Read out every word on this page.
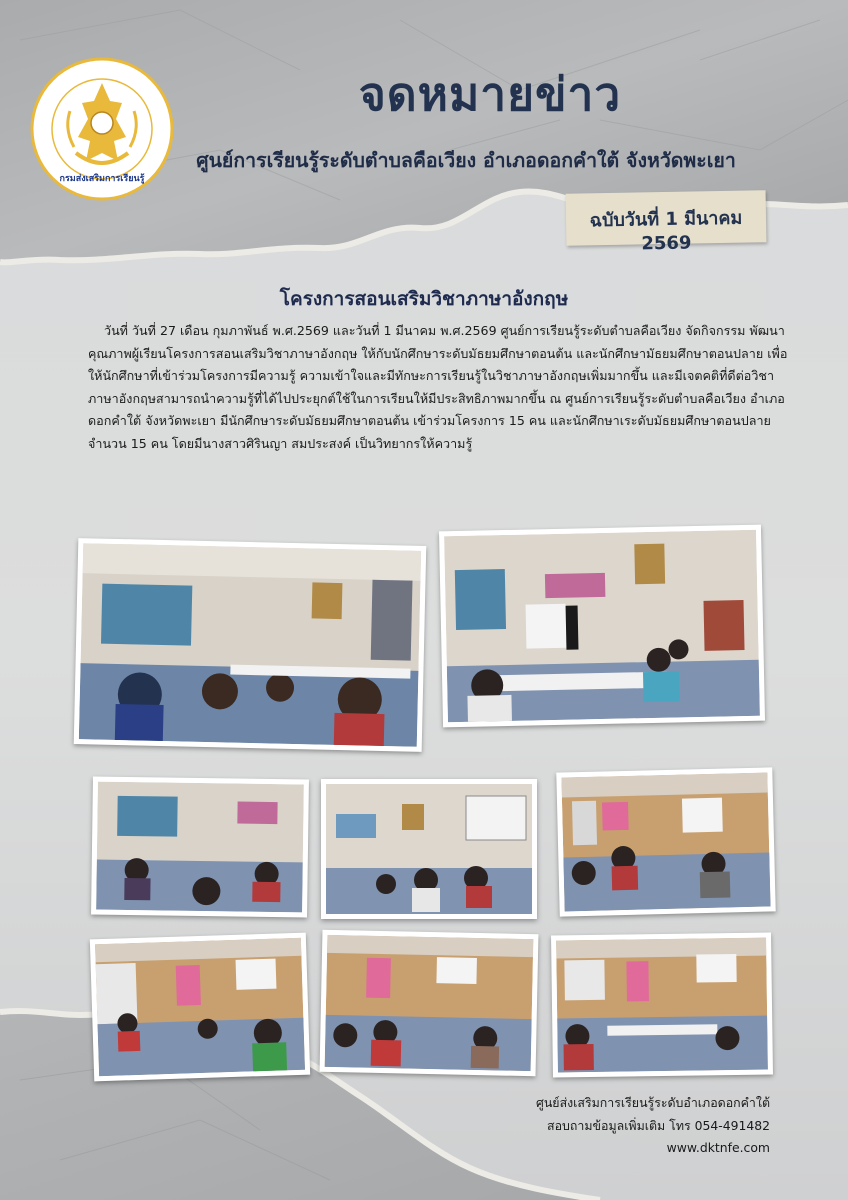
กรมส่งเสริมการเรียนรู้
จดหมายข่าว

ศูนย์การเรียนรู้ระดับตำบลคือเวียง อำเภอดอกคำใต้ จังหวัดพะเยา

ฉบับวันที่ 1 มีนาคม 2569
โครงการสอนเสริมวิชาภาษาอังกฤษ

วันที่ วันที่ 27 เดือน กุมภาพันธ์ พ.ศ.2569 และวันที่ 1 มีนาคม พ.ศ.2569 ศูนย์การเรียนรู้ระดับตำบลคือเวียง จัดกิจกรรม พัฒนาคุณภาพผู้เรียนโครงการสอนเสริมวิชาภาษาอังกฤษ ให้กับนักศึกษาระดับมัธยมศึกษาตอนต้น และนักศึกษามัธยมศึกษาตอนปลาย เพื่อให้นักศึกษาที่เข้าร่วมโครงการมีความรู้ ความเข้าใจและมีทักษะการเรียนรู้ในวิชาภาษาอังกฤษเพิ่มมากขึ้น และมีเจตคติที่ดีต่อวิชาภาษาอังกฤษสามารถนำความรู้ที่ได้ไปประยุกต์ใช้ในการเรียนให้มีประสิทธิภาพมากขึ้น ณ ศูนย์การเรียนรู้ระดับตำบลคือเวียง อำเภอดอกคำใต้ จังหวัดพะเยา มีนักศึกษาระดับมัธยมศึกษาตอนต้น เข้าร่วมโครงการ 15 คน และนักศึกษาเระดับมัธยมศึกษาตอนปลาย จำนวน 15 คน โดยมีนางสาวศิรินญา สมประสงค์ เป็นวิทยากรให้ความรู้

ศูนย์ส่งเสริมการเรียนรู้ระดับอำเภอดอกคำใต้
สอบถามข้อมูลเพิ่มเติม โทร 054-491482
www.dktnfe.com
